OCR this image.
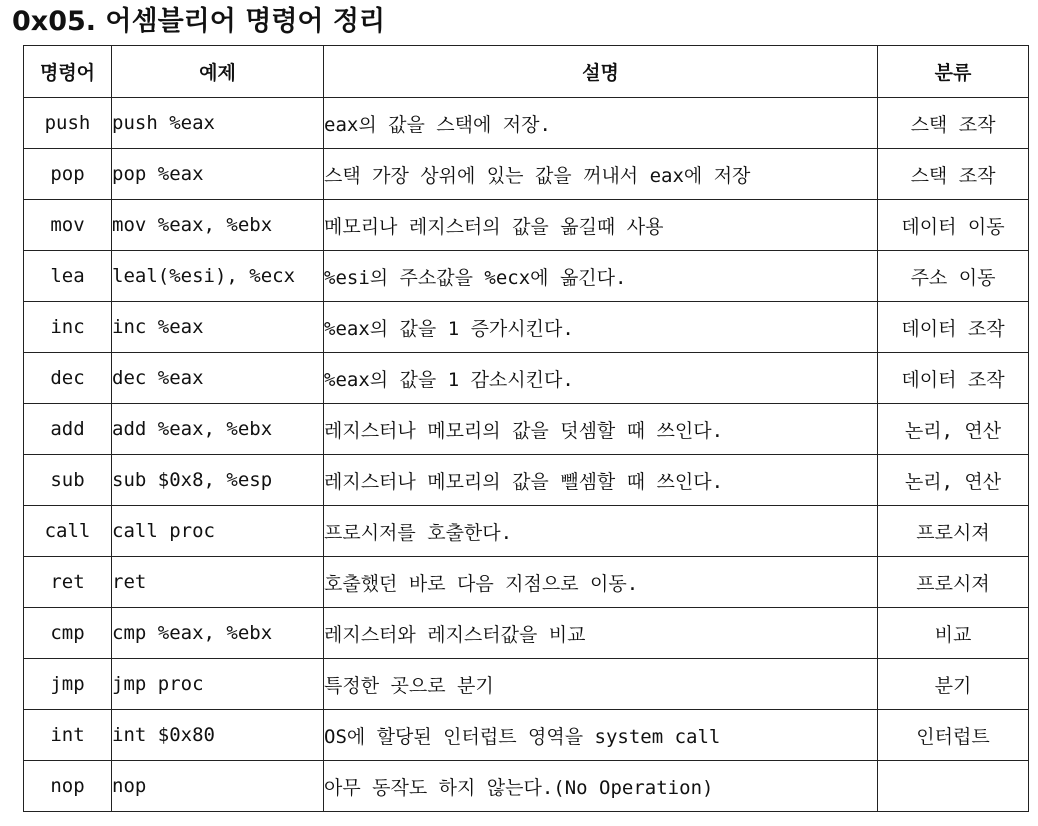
0x05. 어셈블리어 명령어 정리
명령어	예제	설명	분류
push	push %eax	eax의 값을 스택에 저장.	스택 조작
pop	pop %eax	스택 가장 상위에 있는 값을 꺼내서 eax에 저장	스택 조작
mov	mov %eax, %ebx	메모리나 레지스터의 값을 옮길때 사용	데이터 이동
lea	leal(%esi), %ecx	%esi의 주소값을 %ecx에 옮긴다.	주소 이동
inc	inc %eax	%eax의 값을 1 증가시킨다.	데이터 조작
dec	dec %eax	%eax의 값을 1 감소시킨다.	데이터 조작
add	add %eax, %ebx	레지스터나 메모리의 값을 덧셈할 때 쓰인다.	논리, 연산
sub	sub $0x8, %esp	레지스터나 메모리의 값을 뺄셈할 때 쓰인다.	논리, 연산
call	call proc	프로시저를 호출한다.	프로시져
ret	ret	호출했던 바로 다음 지점으로 이동.	프로시져
cmp	cmp %eax, %ebx	레지스터와 레지스터값을 비교	비교
jmp	jmp proc	특정한 곳으로 분기	분기
int	int $0x80	OS에 할당된 인터럽트 영역을 system call	인터럽트
nop	nop	아무 동작도 하지 않는다.(No Operation)	
